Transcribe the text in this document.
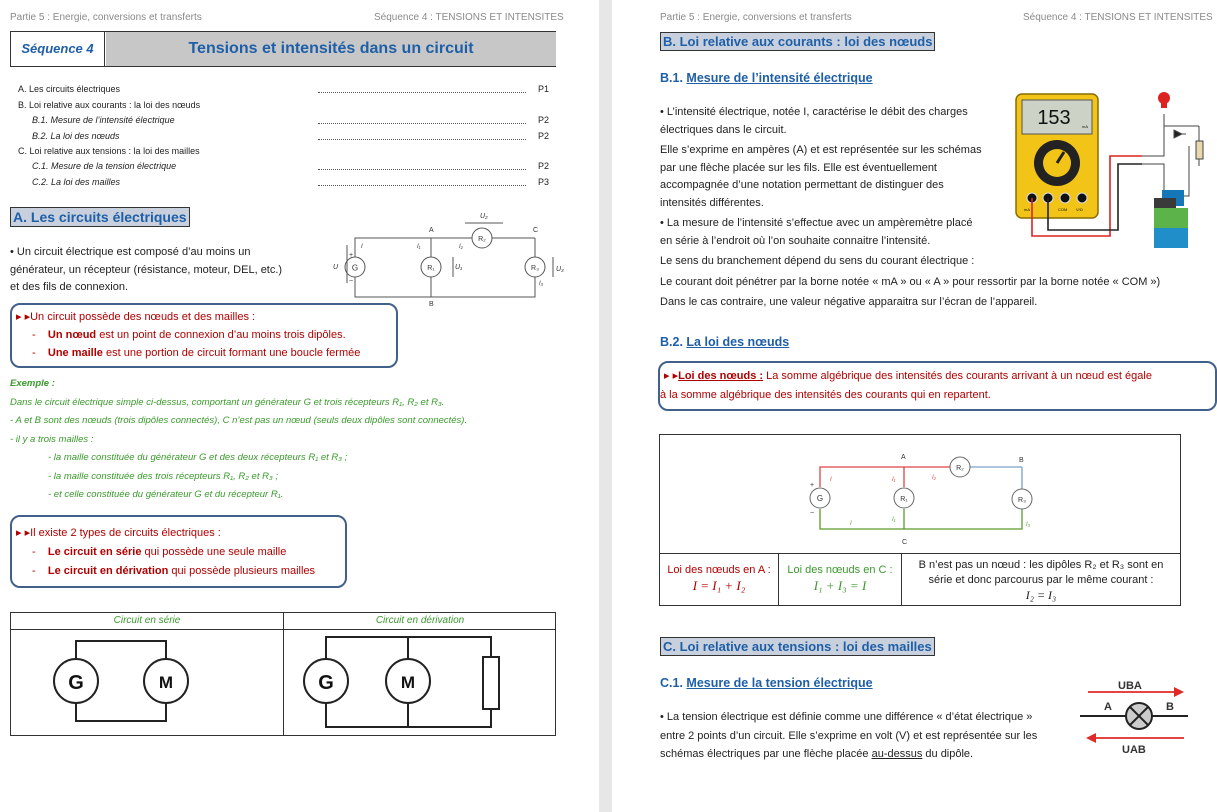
Partie 5 : Energie, conversions et transferts	Séquence 4 : TENSIONS ET INTENSITES
Séquence 4	Tensions et intensités dans un circuit
A. Les circuits électriques	P1
B. Loi relative aux courants : la loi des nœuds
B.1. Mesure de l’intensité électrique	P2
B.2. La loi des nœuds	P2
C. Loi relative aux tensions : la loi des mailles
C.1. Mesure de la tension électrique	P2
C.2. La loi des mailles	P3
A. Les circuits électriques
• Un circuit électrique est composé d’au moins un
générateur, un récepteur (résistance, moteur, DEL, etc.)
et des fils de connexion.
G	R₁
R₂
R₃
A
B
C
U	U₁
U₂
U₃
I	I₁	I₂
I₃
+
−
▸ ▸Un circuit possède des nœuds et des mailles :
-    Un nœud est un point de connexion d’au moins trois dipôles.
-    Une maille est une portion de circuit formant une boucle fermée
Exemple :
Dans le circuit électrique simple ci-dessus, comportant un générateur G et trois récepteurs R₁, R₂ et R₃.
- A et B sont des nœuds (trois dipôles connectés), C n’est pas un nœud (seuls deux dipôles sont connectés).
- il y a trois mailles :
- la maille constituée du générateur G et des deux récepteurs R₁ et R₃ ;
- la maille constituée des trois récepteurs R₁, R₂ et R₃ ;
- et celle constituée du générateur G et du récepteur R₁.
▸ ▸Il existe 2 types de circuits électriques :
-    Le circuit en série qui possède une seule maille
-    Le circuit en dérivation qui possède plusieurs mailles
Circuit en série	Circuit en dérivation
G	M	G	M
Partie 5 : Energie, conversions et transferts	Séquence 4 : TENSIONS ET INTENSITES
B. Loi relative aux courants : loi des nœuds
B.1. Mesure de l’intensité électrique
• L’intensité électrique, notée I, caractérise le débit des charges
électriques dans le circuit.
Elle s’exprime en ampères (A) et est représentée sur les schémas
par une flèche placée sur les fils. Elle est éventuellement
accompagnée d’une notation permettant de distinguer des
intensités différentes.
• La mesure de l’intensité s’effectue avec un ampèremètre placé
en série à l’endroit où l’on souhaite connaitre l’intensité.
Le sens du branchement dépend du sens du courant électrique :
Le courant doit pénétrer par la borne notée « mA » ou « A » pour ressortir par la borne notée « COM »)
Dans le cas contraire, une valeur négative apparaitra sur l’écran de l’appareil.
153	mA
mA	COM V/Ω
B.2. La loi des nœuds
▸ ▸Loi des nœuds : La somme algébrique des intensités des courants arrivant à un nœud est égale
à la somme algébrique des intensités des courants qui en repartent.
G	R₁
R₂
R₃
A	B
C
I	I₁	I₂
I₁
I	I₃
+
−
Loi des nœuds en A :
I = I₁ + I₂
Loi des nœuds en C :
I₁ + I₃ = I
B n’est pas un nœud : les dipôles R₂ et R₃ sont en
série et donc parcourus par le même courant :
I₂ = I₃
C. Loi relative aux tensions : loi des mailles
C.1. Mesure de la tension électrique
• La tension électrique est définie comme une différence « d’état électrique »
entre 2 points d’un circuit. Elle s’exprime en volt (V) et est représentée sur les
schémas électriques par une flèche placée au-dessus du dipôle.
UBA
A	B
UAB
